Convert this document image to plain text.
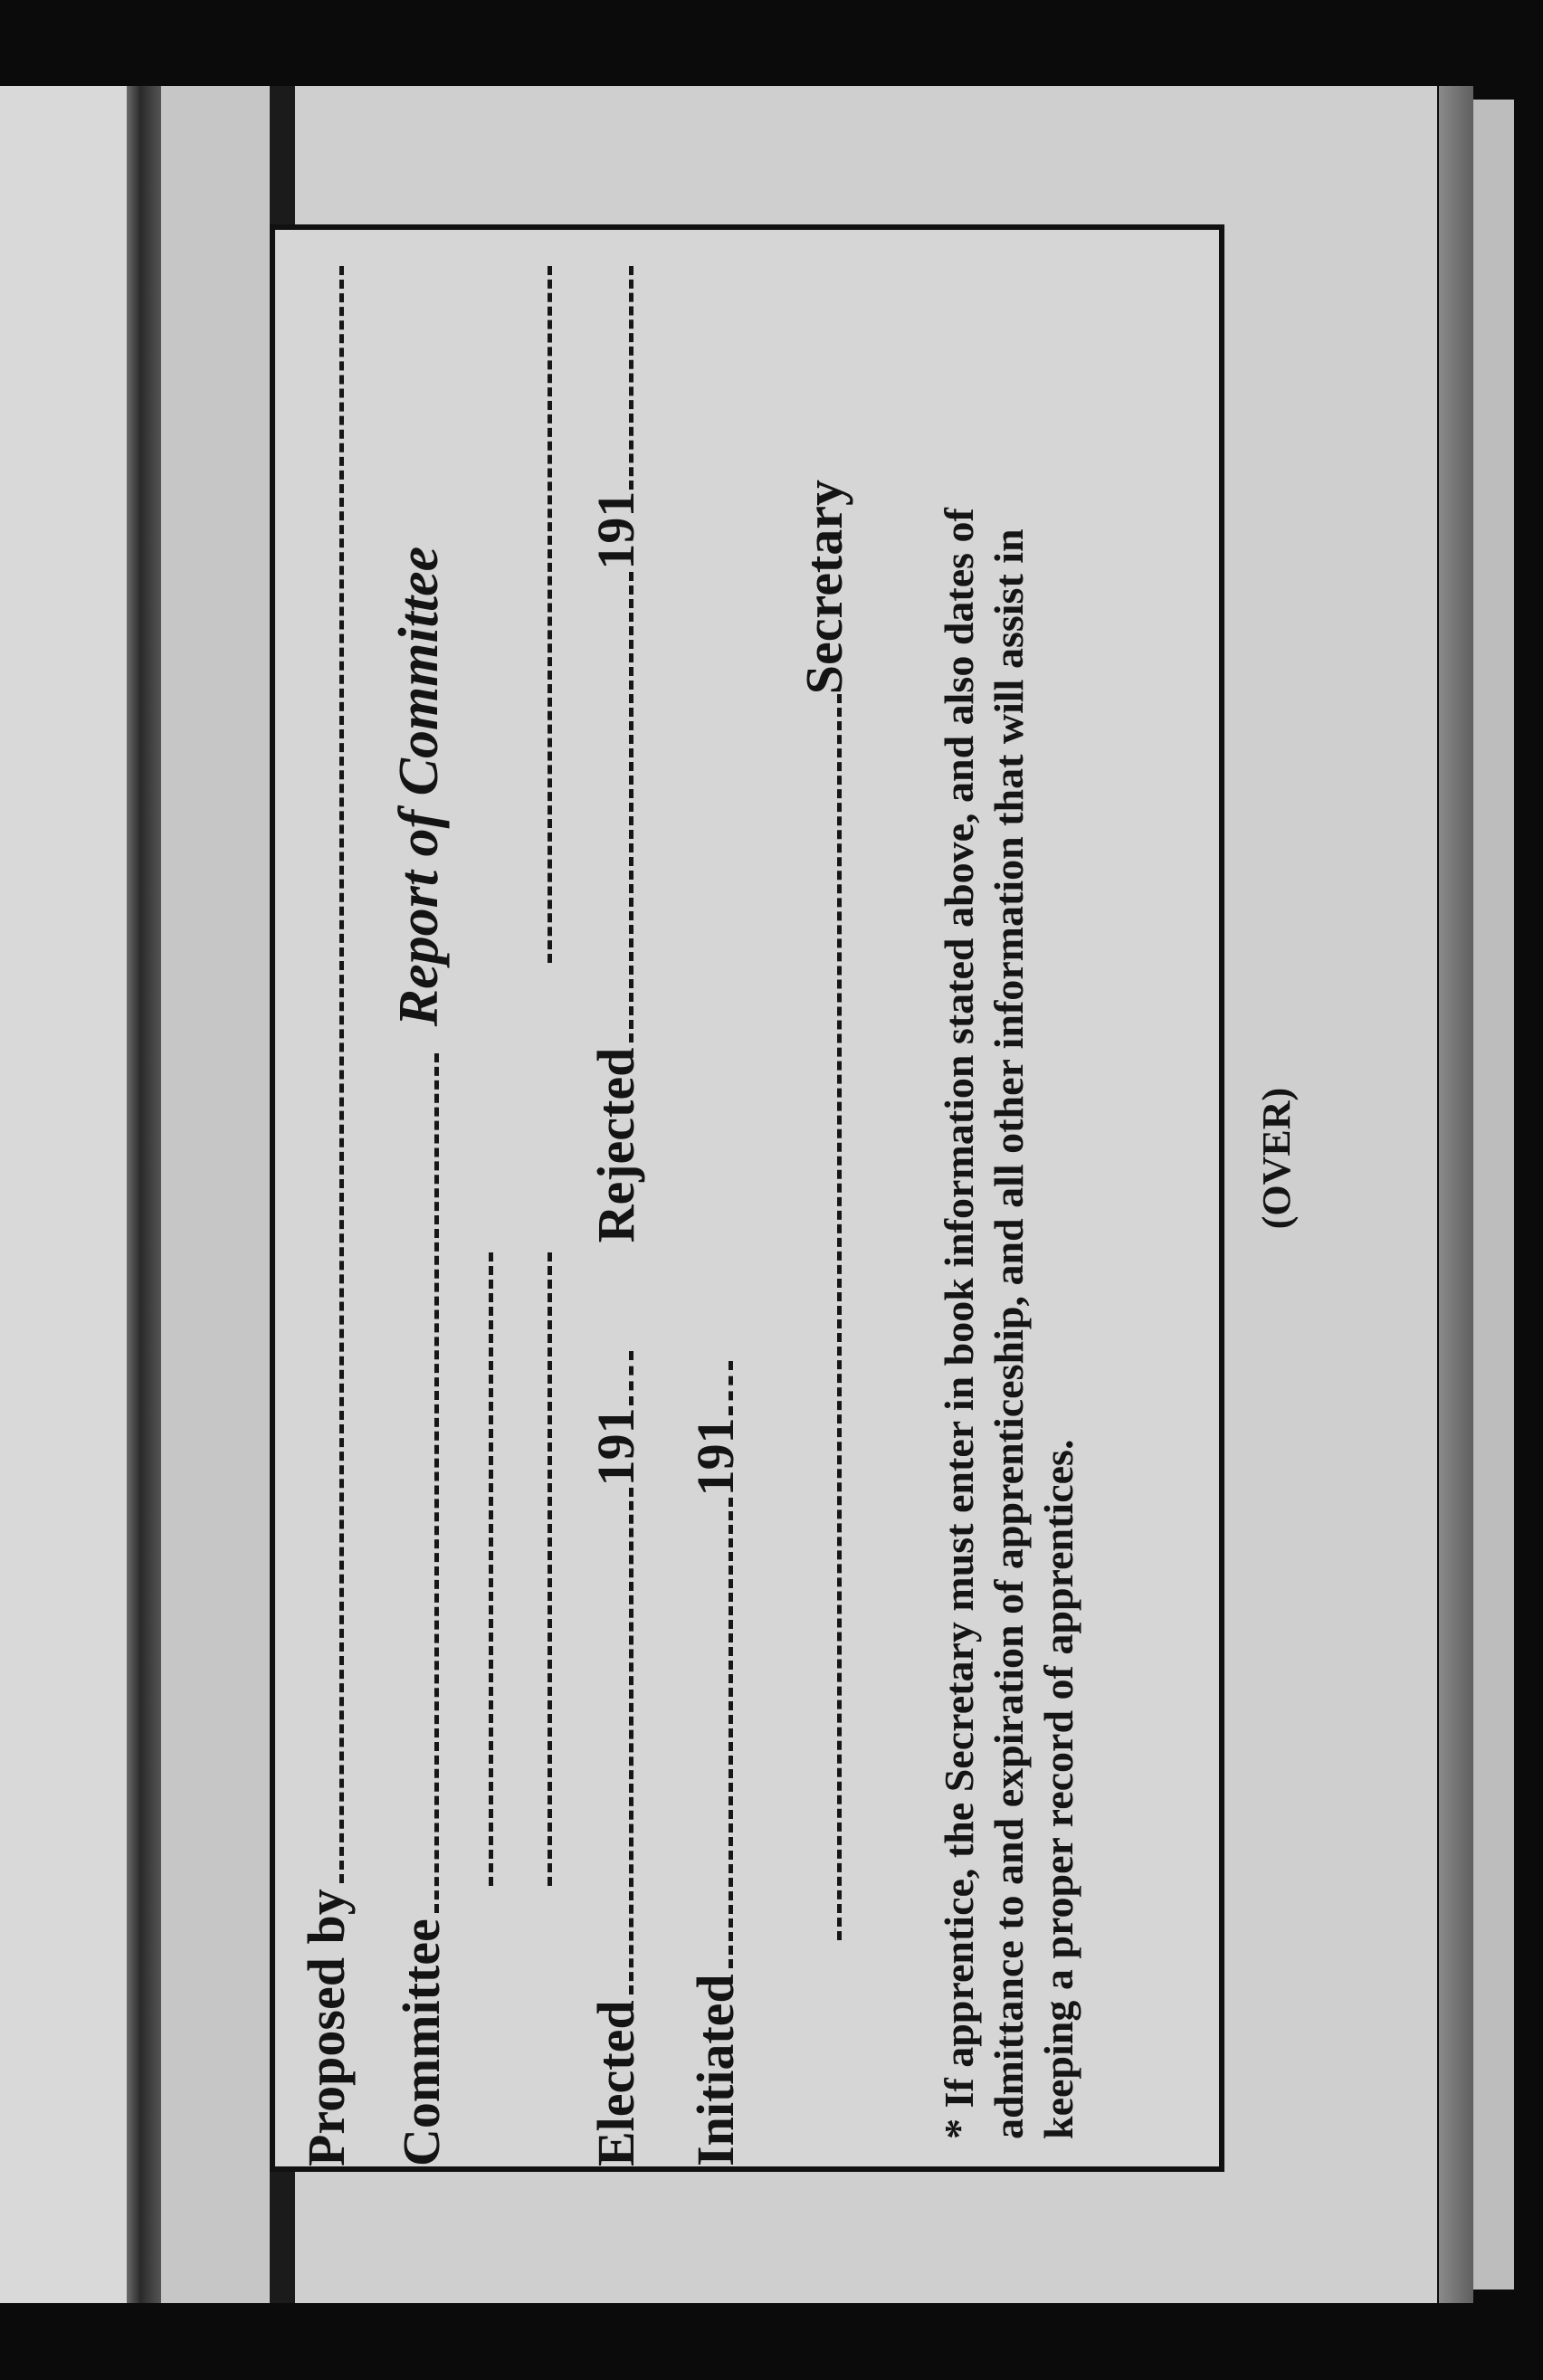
Proposed by Committee
Report of Committee
Elected
191
Rejected
191
Initiated
191
Secretary * If apprentice, the Secretary must enter in book information stated above, and also dates of admittance to and expiration of apprenticeship, and all other information that will assist in keeping a proper record of apprentices.
(OVER)
